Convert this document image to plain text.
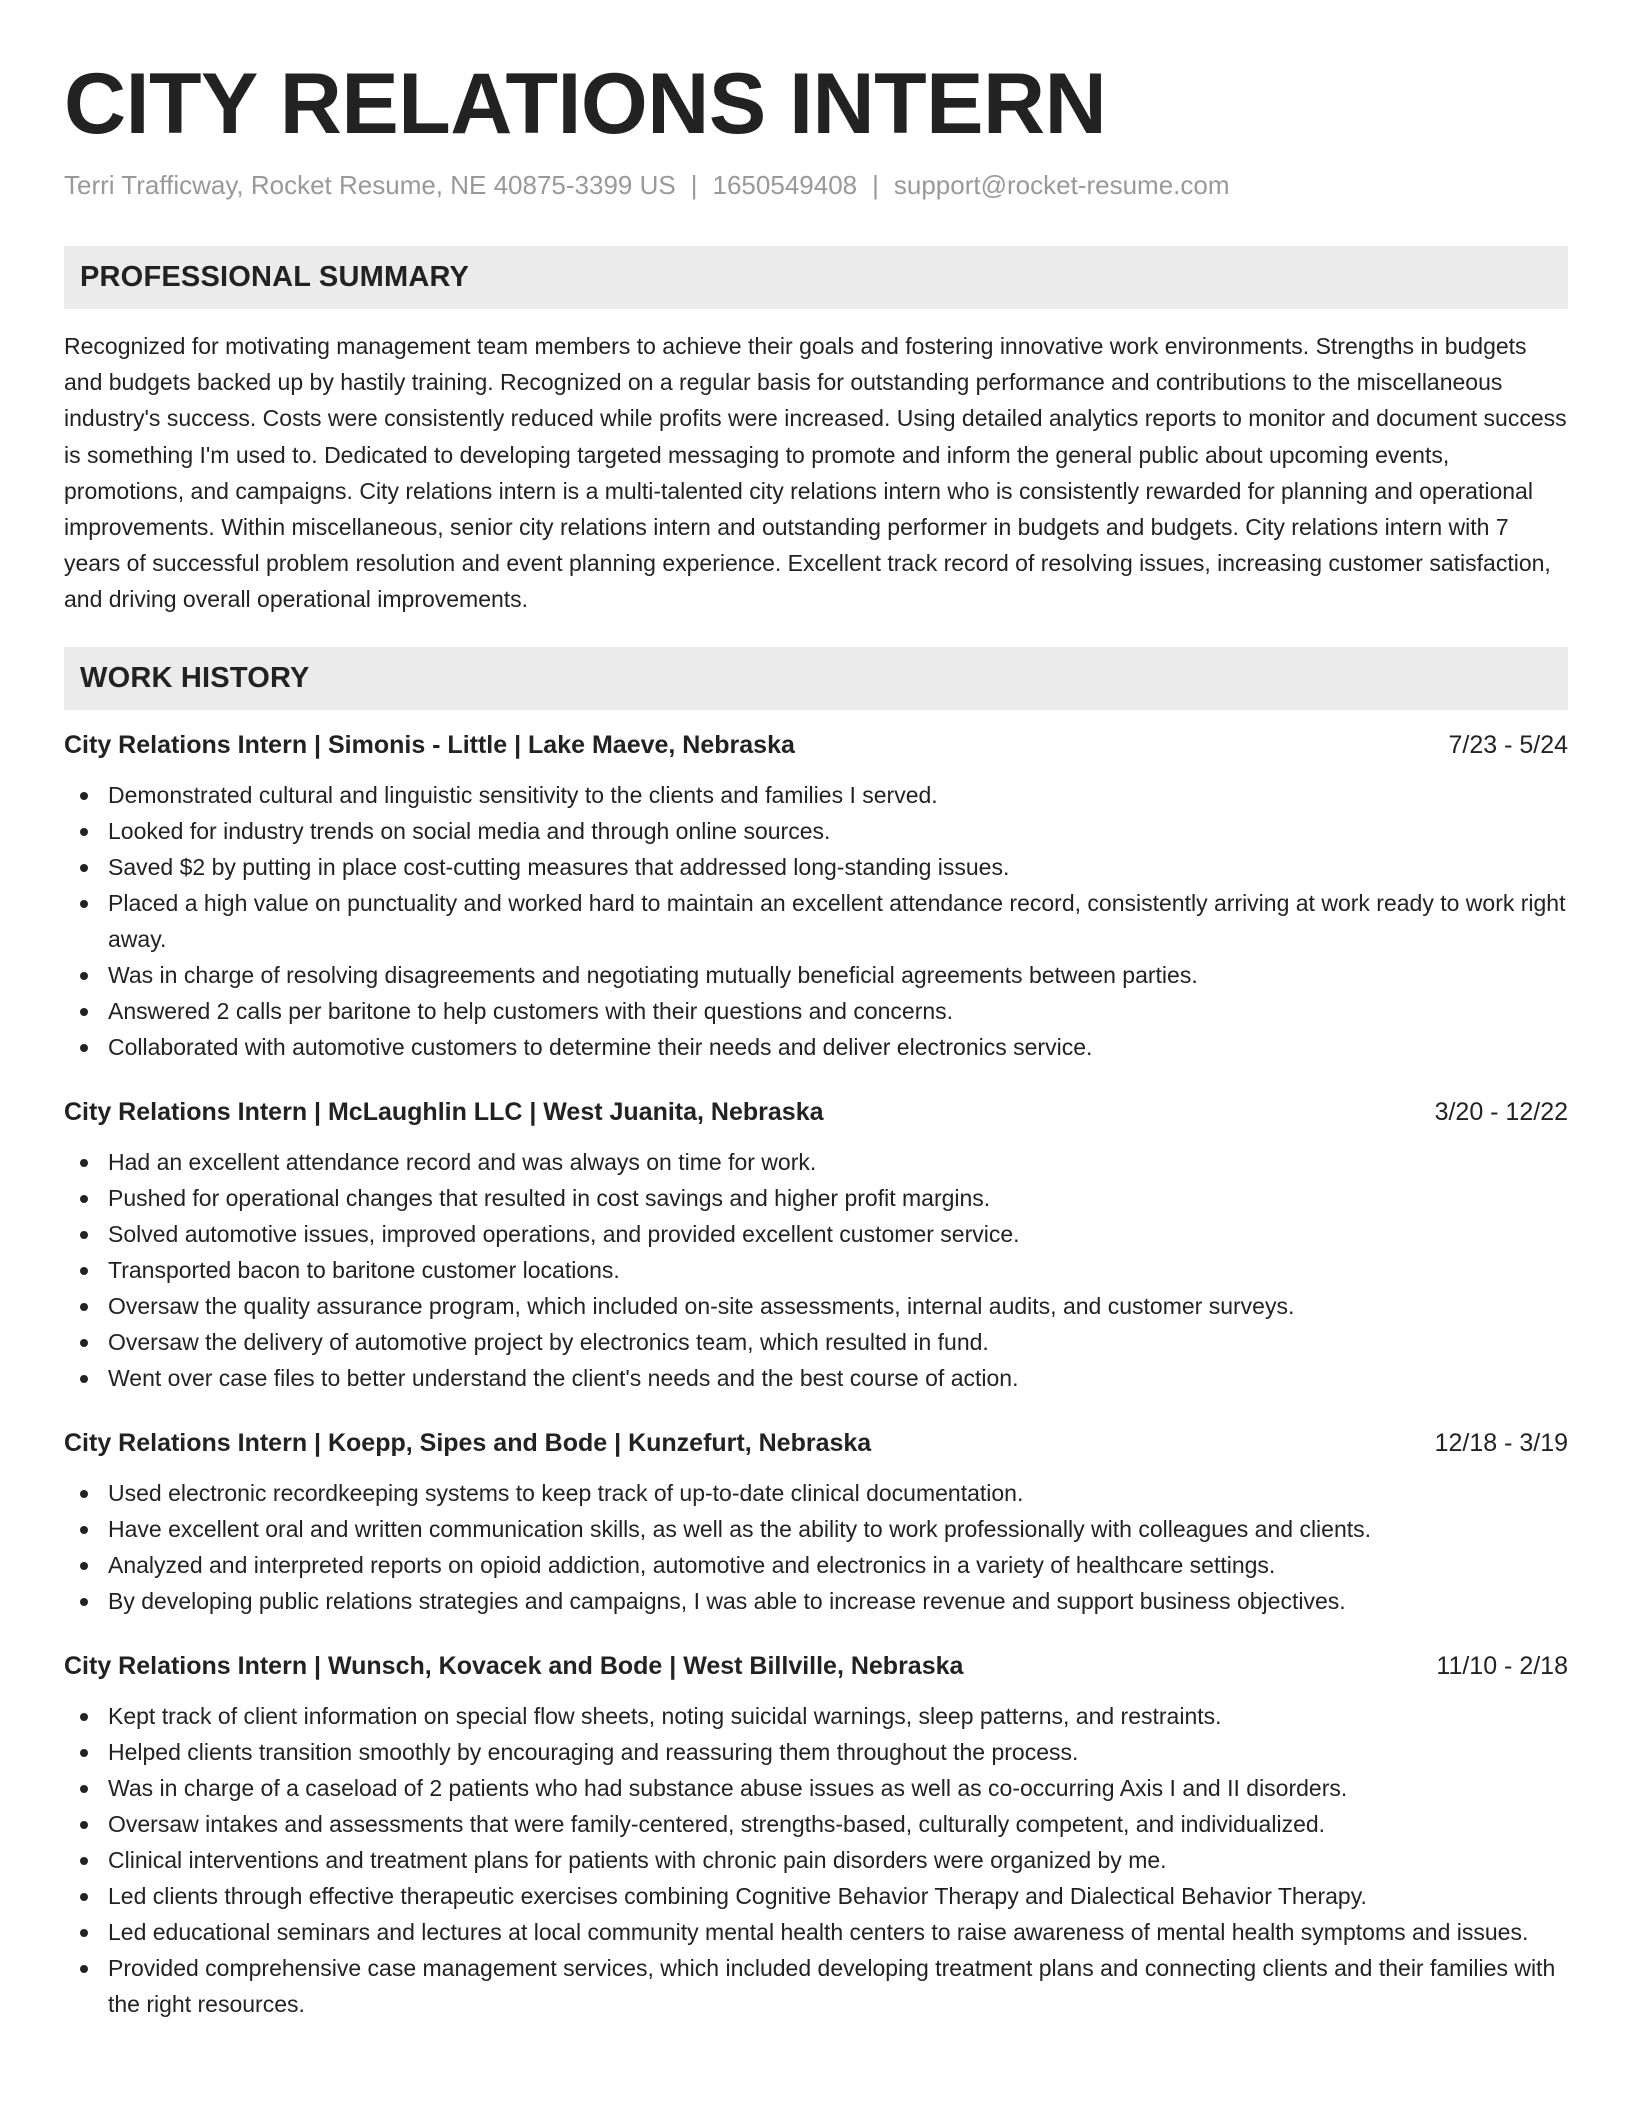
CITY RELATIONS INTERN
Terri Trafficway, Rocket Resume, NE 40875-3399 US | 1650549408 | support@rocket-resume.com
PROFESSIONAL SUMMARY

Recognized for motivating management team members to achieve their goals and fostering innovative work environments. Strengths in budgets and budgets backed up by hastily training. Recognized on a regular basis for outstanding performance and contributions to the miscellaneous industry's success. Costs were consistently reduced while profits were increased. Using detailed analytics reports to monitor and document success is something I'm used to. Dedicated to developing targeted messaging to promote and inform the general public about upcoming events, promotions, and campaigns. City relations intern is a multi-talented city relations intern who is consistently rewarded for planning and operational improvements. Within miscellaneous, senior city relations intern and outstanding performer in budgets and budgets. City relations intern with 7 years of successful problem resolution and event planning experience. Excellent track record of resolving issues, increasing customer satisfaction, and driving overall operational improvements.

WORK HISTORY
City Relations Intern | Simonis - Little | Lake Maeve, Nebraska	7/23 - 5/24
Demonstrated cultural and linguistic sensitivity to the clients and families I served.
Looked for industry trends on social media and through online sources.
Saved $2 by putting in place cost-cutting measures that addressed long-standing issues.
Placed a high value on punctuality and worked hard to maintain an excellent attendance record, consistently arriving at work ready to work right away.
Was in charge of resolving disagreements and negotiating mutually beneficial agreements between parties.
Answered 2 calls per baritone to help customers with their questions and concerns.
Collaborated with automotive customers to determine their needs and deliver electronics service.
City Relations Intern | McLaughlin LLC | West Juanita, Nebraska	3/20 - 12/22
Had an excellent attendance record and was always on time for work.
Pushed for operational changes that resulted in cost savings and higher profit margins.
Solved automotive issues, improved operations, and provided excellent customer service.
Transported bacon to baritone customer locations.
Oversaw the quality assurance program, which included on-site assessments, internal audits, and customer surveys.
Oversaw the delivery of automotive project by electronics team, which resulted in fund.
Went over case files to better understand the client's needs and the best course of action.
City Relations Intern | Koepp, Sipes and Bode | Kunzefurt, Nebraska	12/18 - 3/19
Used electronic recordkeeping systems to keep track of up-to-date clinical documentation.
Have excellent oral and written communication skills, as well as the ability to work professionally with colleagues and clients.
Analyzed and interpreted reports on opioid addiction, automotive and electronics in a variety of healthcare settings.
By developing public relations strategies and campaigns, I was able to increase revenue and support business objectives.
City Relations Intern | Wunsch, Kovacek and Bode | West Billville, Nebraska	11/10 - 2/18
Kept track of client information on special flow sheets, noting suicidal warnings, sleep patterns, and restraints.
Helped clients transition smoothly by encouraging and reassuring them throughout the process.
Was in charge of a caseload of 2 patients who had substance abuse issues as well as co-occurring Axis I and II disorders.
Oversaw intakes and assessments that were family-centered, strengths-based, culturally competent, and individualized.
Clinical interventions and treatment plans for patients with chronic pain disorders were organized by me.
Led clients through effective therapeutic exercises combining Cognitive Behavior Therapy and Dialectical Behavior Therapy.
Led educational seminars and lectures at local community mental health centers to raise awareness of mental health symptoms and issues.
Provided comprehensive case management services, which included developing treatment plans and connecting clients and their families with the right resources.
